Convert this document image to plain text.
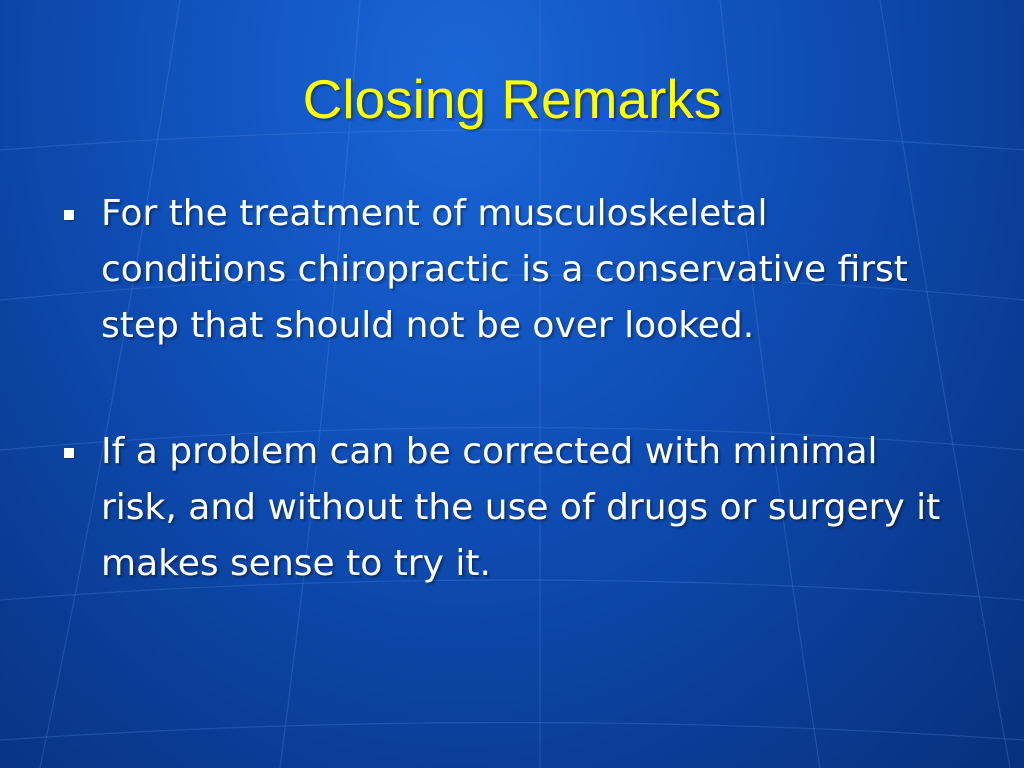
Closing Remarks
For the treatment of musculoskeletal conditions chiropractic is a conservative first step that should not be over looked.
If a problem can be corrected with minimal risk, and without the use of drugs or surgery it makes sense to try it.
